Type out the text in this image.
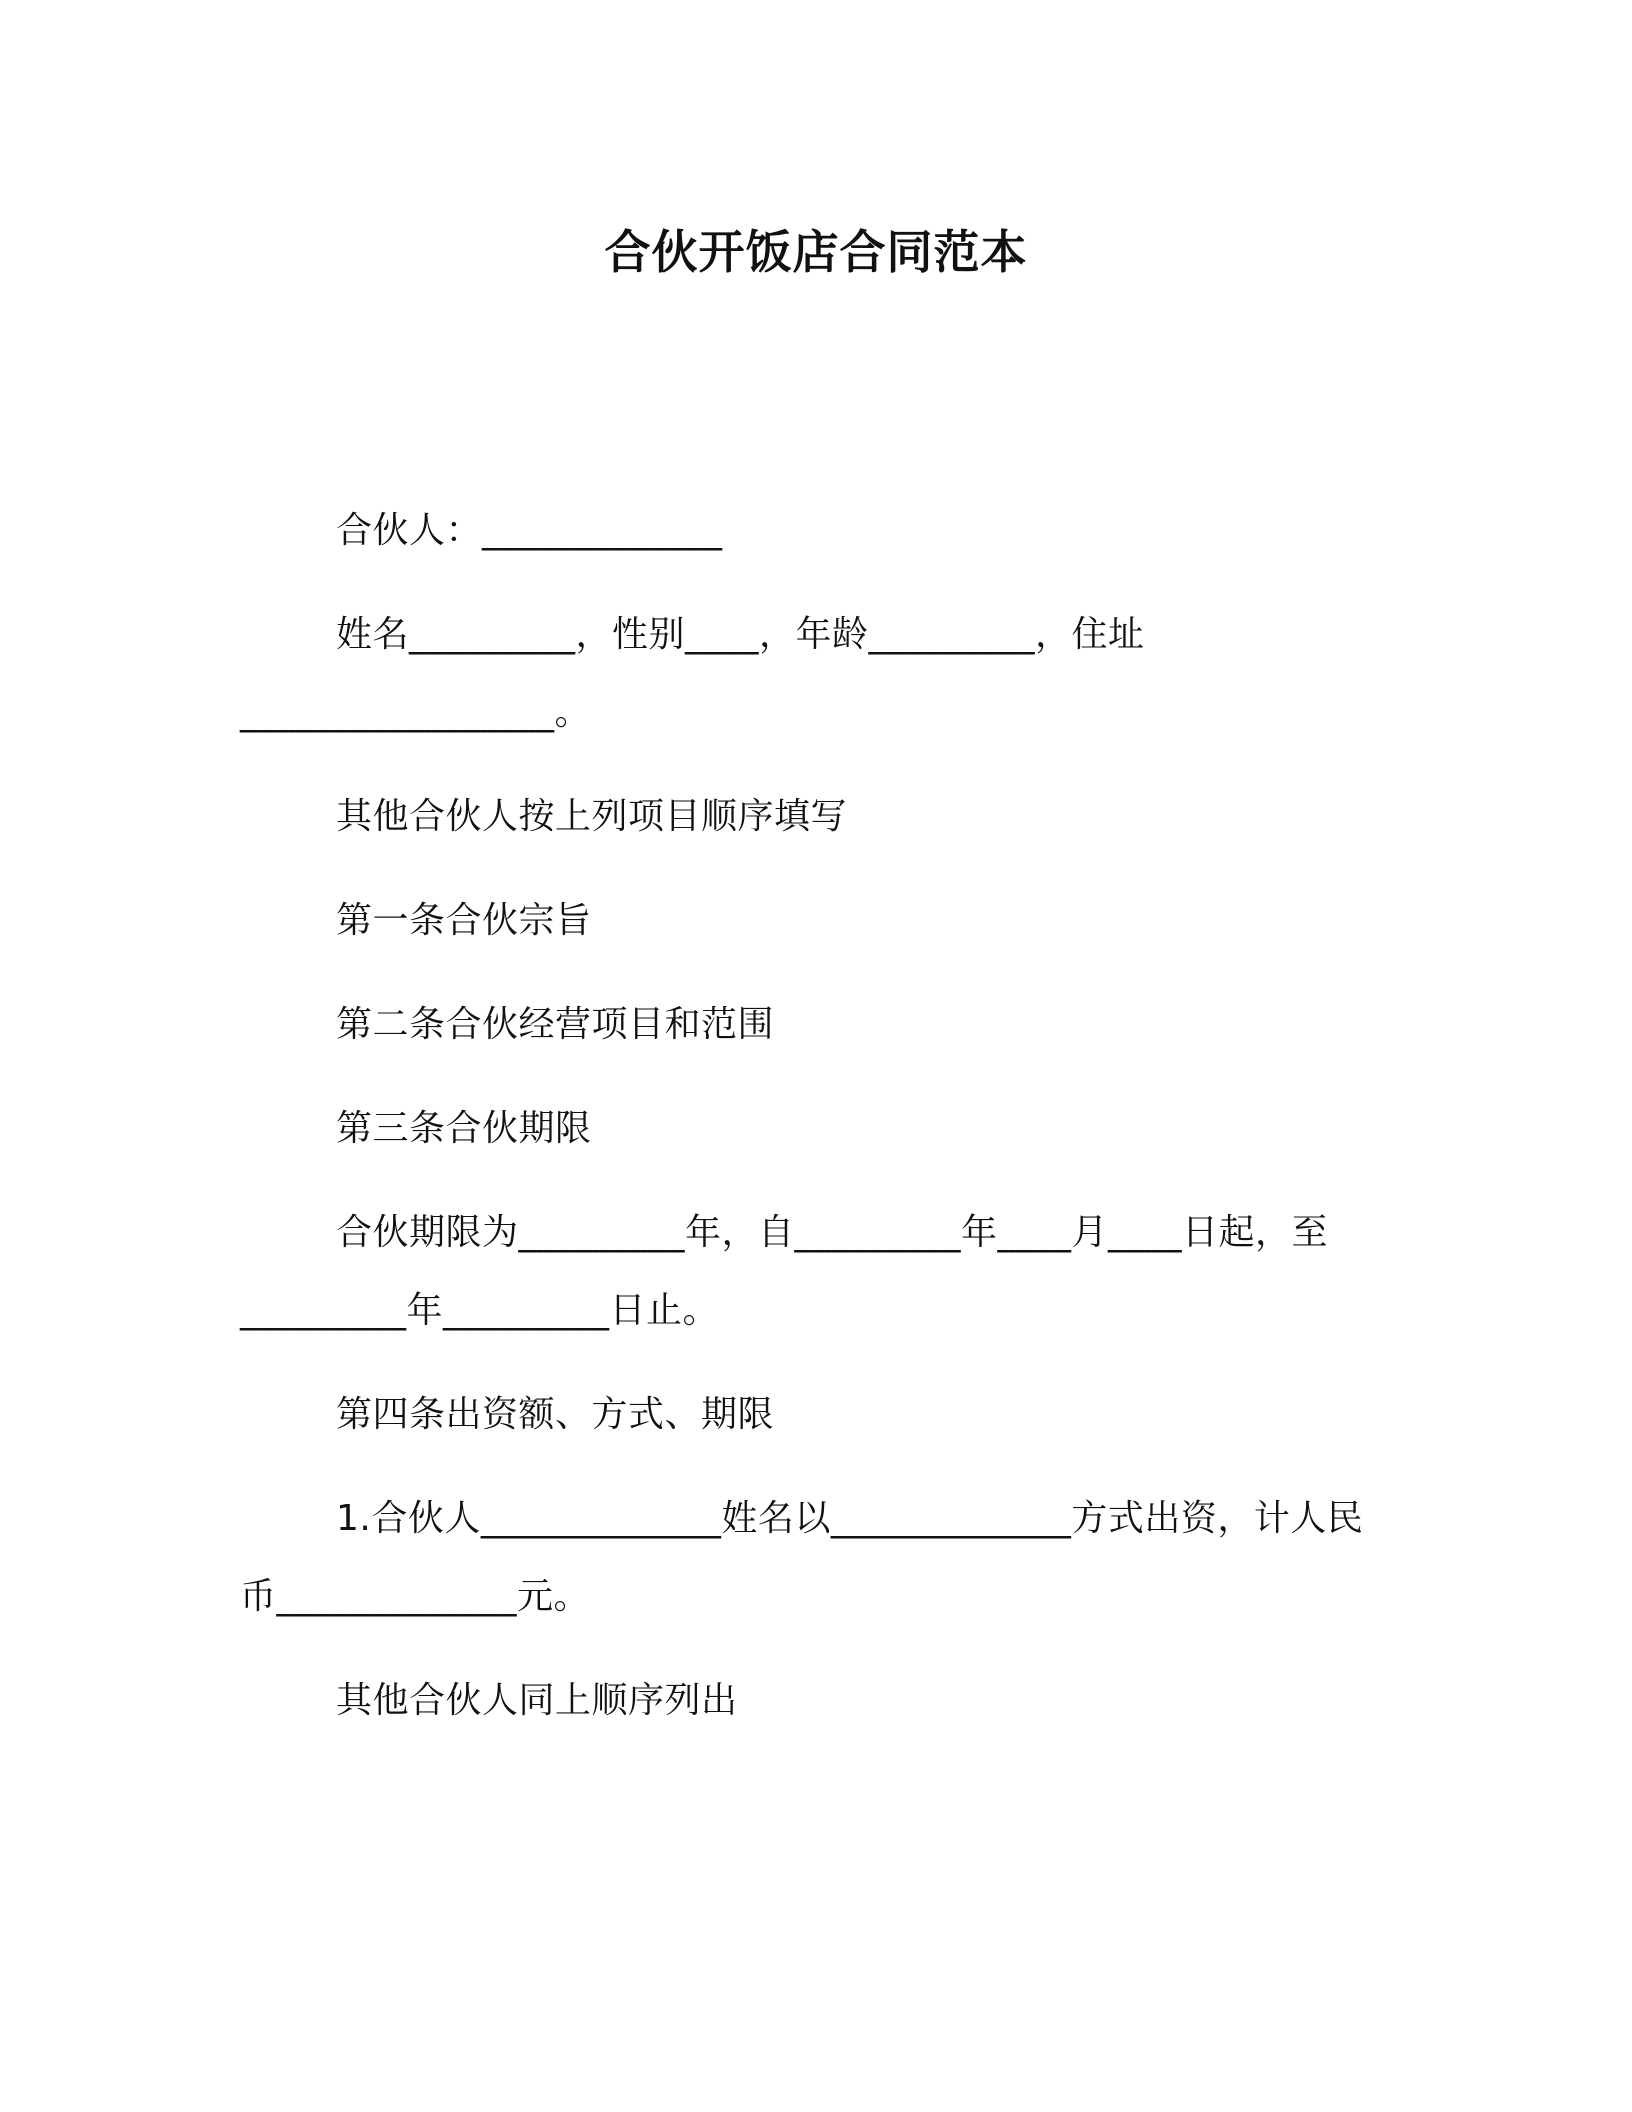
合伙开饭店合同范本

合伙人：_____________

姓名_________，性别____，年龄_________，住址_________________。

其他合伙人按上列项目顺序填写

第一条合伙宗旨

第二条合伙经营项目和范围

第三条合伙期限

合伙期限为_________年，自_________年____月____日起，至_________年_________日止。

第四条出资额、方式、期限

1.合伙人_____________姓名以_____________方式出资，计人民币_____________元。

其他合伙人同上顺序列出
